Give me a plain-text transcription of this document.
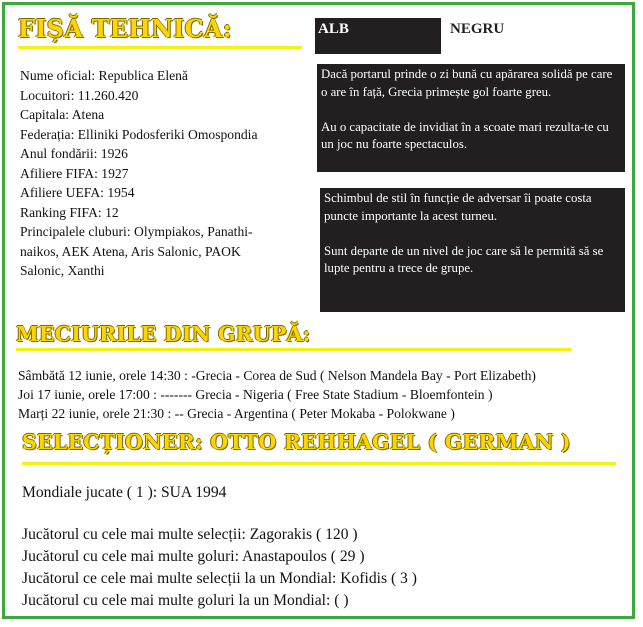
FIȘĂ TEHNICĂ:
Nume oficial: Republica Elenă
Locuitori: 11.260.420
Capitala: Atena
Federația: Elliniki Podosferiki Omospondia
Anul fondării: 1926
Afiliere FIFA: 1927
Afiliere UEFA: 1954
Ranking FIFA: 12
Principalele cluburi: Olympiakos, Panathi-
naikos, AEK Atena, Aris Salonic, PAOK
Salonic, Xanthi
ALB	NEGRU

Dacă portarul prinde o zi bună cu apărarea solidă pe care o are în față, Grecia primește gol foarte greu.

Au o capacitate de invidiat în a scoate mari rezulta-te cu un joc nu foarte spectaculos.

Schimbul de stil în funcție de adversar îi poate costa puncte importante la acest turneu.

Sunt departe de un nivel de joc care să le permită să se lupte pentru a trece de grupe.

MECIURILE DIN GRUPĂ:
Sâmbătă 12 iunie, orele 14:30 : -Grecia - Corea de Sud ( Nelson Mandela Bay - Port Elizabeth)
Joi 17 iunie, orele 17:00 : ------- Grecia - Nigeria ( Free State Stadium - Bloemfontein )
Marți 22 iunie, orele 21:30 : -- Grecia - Argentina ( Peter Mokaba - Polokwane )
SELECȚIONER: OTTO REHHAGEL ( GERMAN )
Mondiale jucate ( 1 ): SUA 1994
Jucătorul cu cele mai multe selecții: Zagorakis ( 120 )
Jucătorul cu cele mai multe goluri: Anastapoulos ( 29 )
Jucătorul ce cele mai multe selecții la un Mondial: Kofidis ( 3 )
Jucătorul cu cele mai multe goluri la un Mondial: ( )
